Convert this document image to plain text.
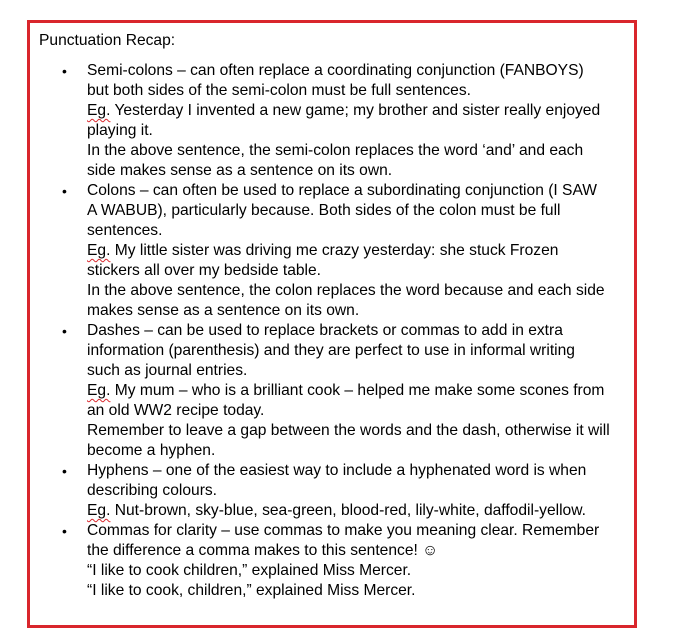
Punctuation Recap:
• Semi-colons – can often replace a coordinating conjunction (FANBOYS)
but both sides of the semi-colon must be full sentences.
Eg. Yesterday I invented a new game; my brother and sister really enjoyed
playing it.
In the above sentence, the semi-colon replaces the word ‘and’ and each
side makes sense as a sentence on its own.
• Colons – can often be used to replace a subordinating conjunction (I SAW
A WABUB), particularly because. Both sides of the colon must be full
sentences.
Eg. My little sister was driving me crazy yesterday: she stuck Frozen
stickers all over my bedside table.
In the above sentence, the colon replaces the word because and each side
makes sense as a sentence on its own.
• Dashes – can be used to replace brackets or commas to add in extra
information (parenthesis) and they are perfect to use in informal writing
such as journal entries.
Eg. My mum – who is a brilliant cook – helped me make some scones from
an old WW2 recipe today.
Remember to leave a gap between the words and the dash, otherwise it will
become a hyphen.
• Hyphens – one of the easiest way to include a hyphenated word is when
describing colours.
Eg. Nut-brown, sky-blue, sea-green, blood-red, lily-white, daffodil-yellow.
• Commas for clarity – use commas to make you meaning clear. Remember
the difference a comma makes to this sentence! ☺
“I like to cook children,” explained Miss Mercer.
“I like to cook, children,” explained Miss Mercer.
